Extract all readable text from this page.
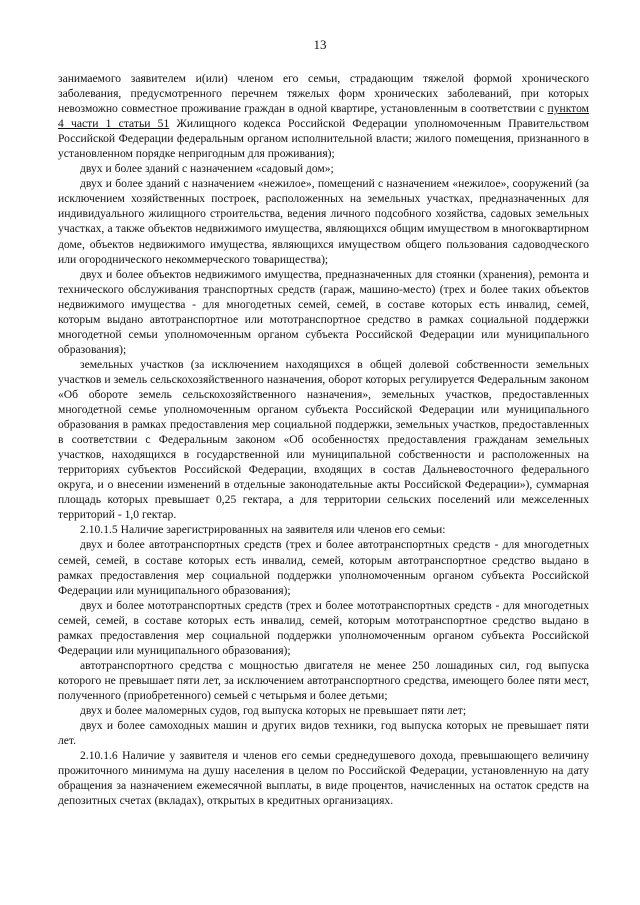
13

занимаемого заявителем и(или) членом его семьи, страдающим тяжелой формой хронического заболевания, предусмотренного перечнем тяжелых форм хронических заболеваний, при которых невозможно совместное проживание граждан в одной квартире, установленным в соответствии с пунктом 4 части 1 статьи 51 Жилищного кодекса Российской Федерации уполномоченным Правительством Российской Федерации федеральным органом исполнительной власти; жилого помещения, признанного в установленном порядке непригодным для проживания);

двух и более зданий с назначением «садовый дом»;

двух и более зданий с назначением «нежилое», помещений с назначением «нежилое», сооружений (за исключением хозяйственных построек, расположенных на земельных участках, предназначенных для индивидуального жилищного строительства, ведения личного подсобного хозяйства, садовых земельных участках, а также объектов недвижимого имущества, являющихся общим имуществом в многоквартирном доме, объектов недвижимого имущества, являющихся имуществом общего пользования садоводческого или огороднического некоммерческого товарищества);

двух и более объектов недвижимого имущества, предназначенных для стоянки (хранения), ремонта и технического обслуживания транспортных средств (гараж, машино-место) (трех и более таких объектов недвижимого имущества - для многодетных семей, семей, в составе которых есть инвалид, семей, которым выдано автотранспортное или мототранспортное средство в рамках социальной поддержки многодетной семьи уполномоченным органом субъекта Российской Федерации или муниципального образования);

земельных участков (за исключением находящихся в общей долевой собственности земельных участков и земель сельскохозяйственного назначения, оборот которых регулируется Федеральным законом «Об обороте земель сельскохозяйственного назначения», земельных участков, предоставленных многодетной семье уполномоченным органом субъекта Российской Федерации или муниципального образования в рамках предоставления мер социальной поддержки, земельных участков, предоставленных в соответствии с Федеральным законом «Об особенностях предоставления гражданам земельных участков, находящихся в государственной или муниципальной собственности и расположенных на территориях субъектов Российской Федерации, входящих в состав Дальневосточного федерального округа, и о внесении изменений в отдельные законодательные акты Российской Федерации»), суммарная площадь которых превышает 0,25 гектара, а для территории сельских поселений или межселенных территорий - 1,0 гектар.

2.10.1.5 Наличие зарегистрированных на заявителя или членов его семьи:

двух и более автотранспортных средств (трех и более автотранспортных средств - для многодетных семей, семей, в составе которых есть инвалид, семей, которым автотранспортное средство выдано в рамках предоставления мер социальной поддержки уполномоченным органом субъекта Российской Федерации или муниципального образования);

двух и более мототранспортных средств (трех и более мототранспортных средств - для многодетных семей, семей, в составе которых есть инвалид, семей, которым мототранспортное средство выдано в рамках предоставления мер социальной поддержки уполномоченным органом субъекта Российской Федерации или муниципального образования);

автотранспортного средства с мощностью двигателя не менее 250 лошадиных сил, год выпуска которого не превышает пяти лет, за исключением автотранспортного средства, имеющего более пяти мест, полученного (приобретенного) семьей с четырьмя и более детьми;

двух и более маломерных судов, год выпуска которых не превышает пяти лет;

двух и более самоходных машин и других видов техники, год выпуска которых не превышает пяти лет.

2.10.1.6 Наличие у заявителя и членов его семьи среднедушевого дохода, превышающего величину прожиточного минимума на душу населения в целом по Российской Федерации, установленную на дату обращения за назначением ежемесячной выплаты, в виде процентов, начисленных на остаток средств на депозитных счетах (вкладах), открытых в кредитных организациях.
